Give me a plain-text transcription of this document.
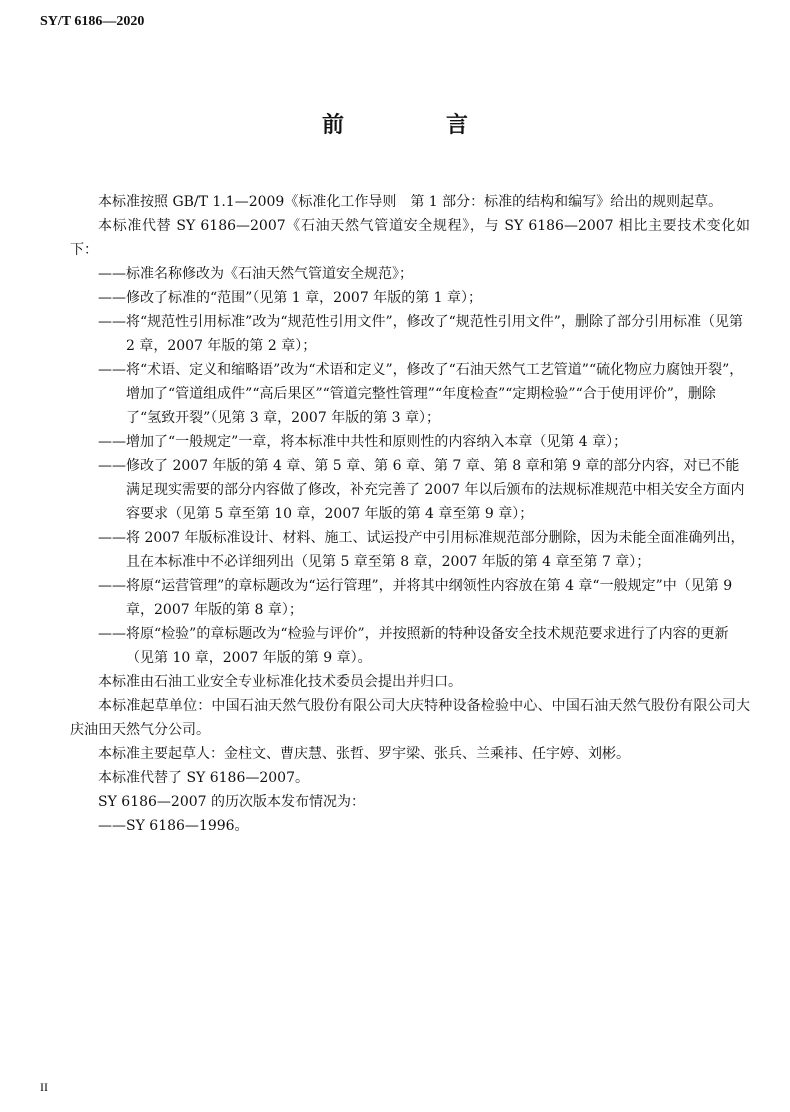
SY/T 6186—2020
前　言

本标准按照 GB/T 1.1—2009《标准化工作导则　第 1 部分：标准的结构和编写》给出的规则起草。

本标准代替 SY 6186—2007《石油天然气管道安全规程》，与 SY 6186—2007 相比主要技术变化如下：

——标准名称修改为《石油天然气管道安全规范》；

——修改了标准的“范围”（见第 1 章，2007 年版的第 1 章）；

——将“规范性引用标准”改为“规范性引用文件”，修改了“规范性引用文件”，删除了部分引用标准（见第 2 章，2007 年版的第 2 章）；

——将“术语、定义和缩略语”改为“术语和定义”，修改了“石油天然气工艺管道”“硫化物应力腐蚀开裂”，增加了“管道组成件”“高后果区”“管道完整性管理”“年度检查”“定期检验”“合于使用评价”，删除了“氢致开裂”（见第 3 章，2007 年版的第 3 章）；

——增加了“一般规定”一章，将本标准中共性和原则性的内容纳入本章（见第 4 章）；

——修改了 2007 年版的第 4 章、第 5 章、第 6 章、第 7 章、第 8 章和第 9 章的部分内容，对已不能满足现实需要的部分内容做了修改，补充完善了 2007 年以后颁布的法规标准规范中相关安全方面内容要求（见第 5 章至第 10 章，2007 年版的第 4 章至第 9 章）；

——将 2007 年版标准设计、材料、施工、试运投产中引用标准规范部分删除，因为未能全面准确列出，且在本标准中不必详细列出（见第 5 章至第 8 章，2007 年版的第 4 章至第 7 章）；

——将原“运营管理”的章标题改为“运行管理”，并将其中纲领性内容放在第 4 章“一般规定”中（见第 9 章，2007 年版的第 8 章）；

——将原“检验”的章标题改为“检验与评价”，并按照新的特种设备安全技术规范要求进行了内容的更新（见第 10 章，2007 年版的第 9 章）。

本标准由石油工业安全专业标准化技术委员会提出并归口。

本标准起草单位：中国石油天然气股份有限公司大庆特种设备检验中心、中国石油天然气股份有限公司大庆油田天然气分公司。

本标准主要起草人：金柱文、曹庆慧、张哲、罗宇梁、张兵、兰乘祎、任宇婷、刘彬。

本标准代替了 SY 6186—2007。

SY 6186—2007 的历次版本发布情况为：

——SY 6186—1996。

II
